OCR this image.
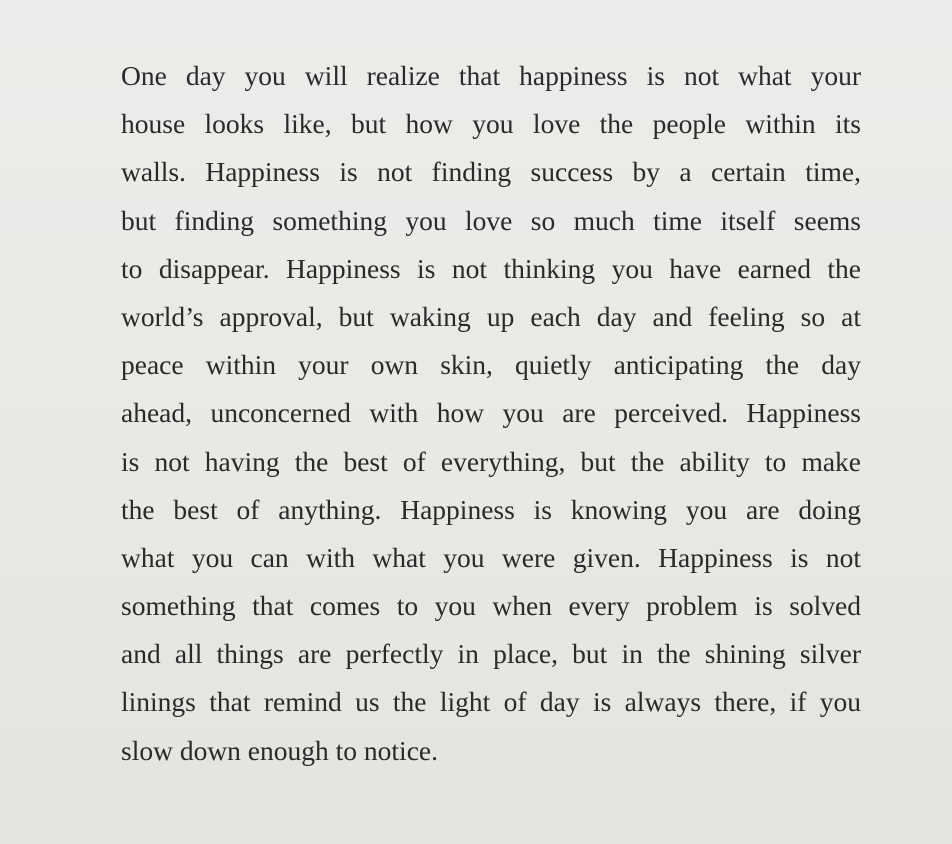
One day you will realize that happiness is not what your
house looks like, but how you love the people within its
walls. Happiness is not finding success by a certain time,
but finding something you love so much time itself seems
to disappear. Happiness is not thinking you have earned the
world’s approval, but waking up each day and feeling so at
peace within your own skin, quietly anticipating the day
ahead, unconcerned with how you are perceived. Happiness
is not having the best of everything, but the ability to make
the best of anything. Happiness is knowing you are doing
what you can with what you were given. Happiness is not
something that comes to you when every problem is solved
and all things are perfectly in place, but in the shining silver
linings that remind us the light of day is always there, if you
slow down enough to notice.
